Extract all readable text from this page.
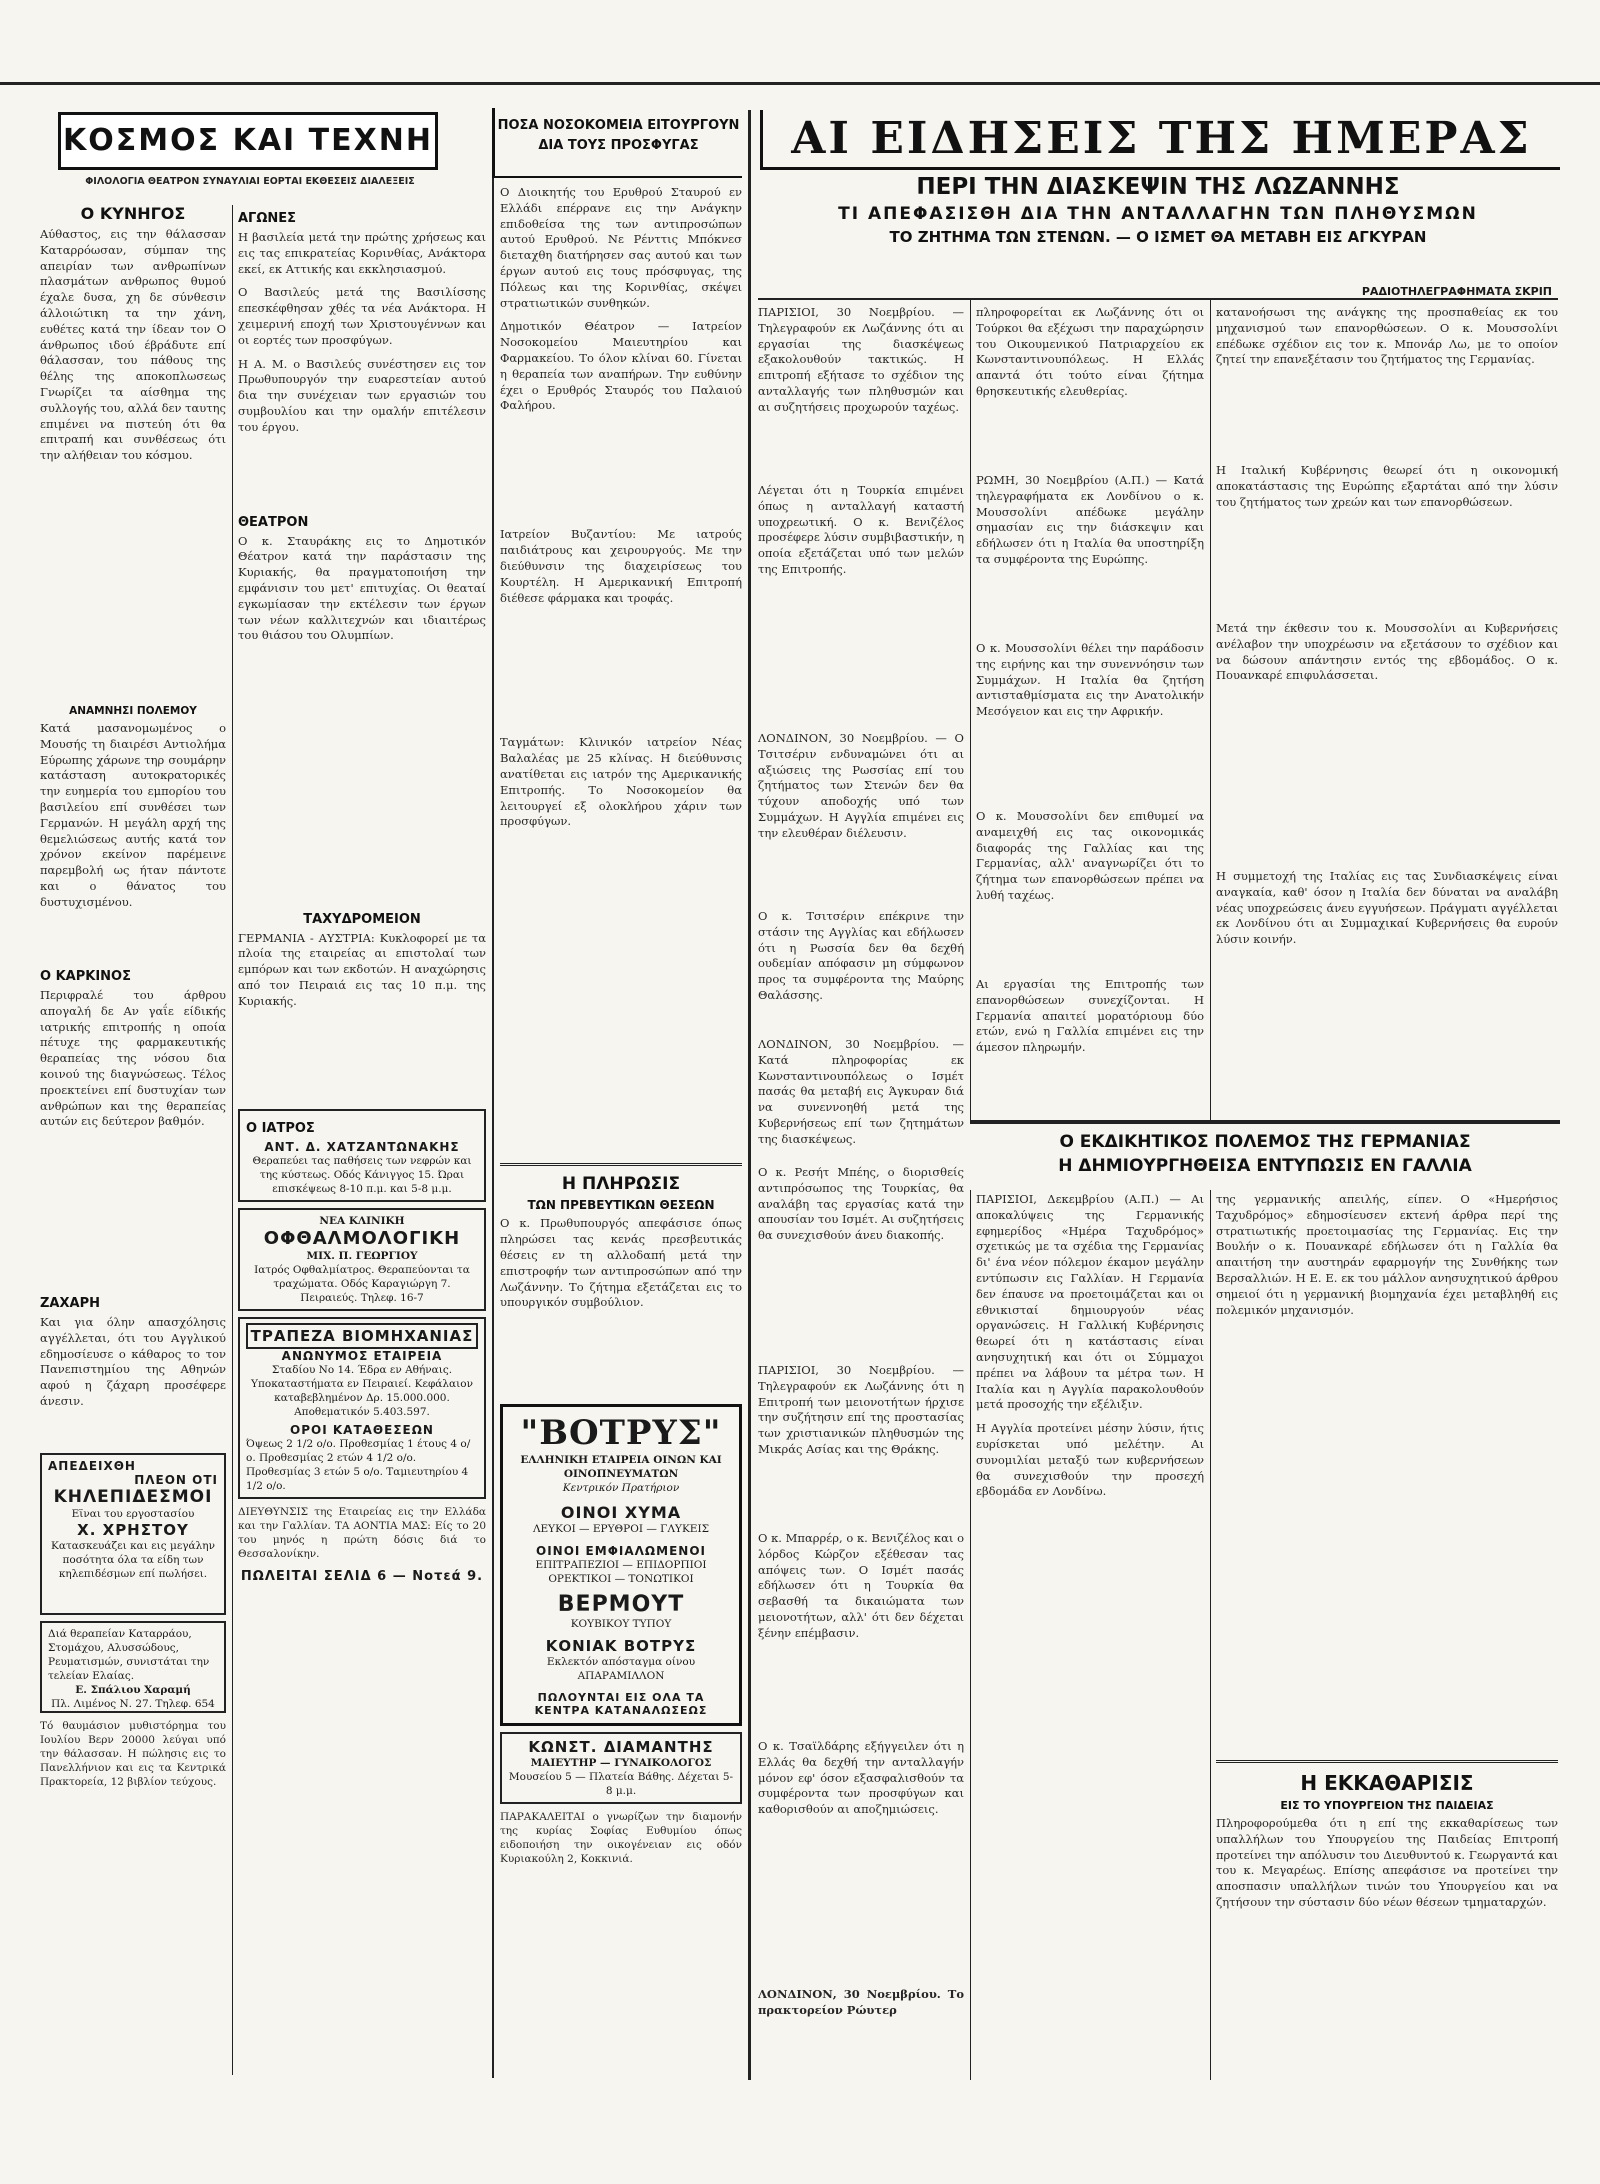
ΚΟΣΜΟΣ ΚΑΙ ΤΕΧΝΗ
ΦΙΛΟΛΟΓΙΑ ΘΕΑΤΡΟΝ ΣΥΝΑΥΛΙΑΙ ΕΟΡΤΑΙ ΕΚΘΕΣΕΙΣ ΔΙΑΛΕΞΕΙΣ
ΠΟΣΑ ΝΟΣΟΚΟΜΕΙΑ ΕΙΤΟΥΡΓΟΥΝ ΔΙΑ ΤΟΥΣ ΠΡΟΣΦΥΓΑΣ	ΑΙ ΕΙΔΗΣΕΙΣ ΤΗΣ ΗΜΕΡΑΣ
Ο ΚΥΝΗΓΟΣ

Αύθαστος, εις την θάλασσαν Καταρρόωσαν, σύμπαν της απειρίαν των ανθρωπίνων πλασμάτων ανθρωπος θυμού έχαλε δυσα, χη δε σύνθεσιν άλλοιώτικη τα την χάνη, ευθέτες κατά την ίδεαν τον Ο άνθρωπος ιδού έβράδυτε επί θάλασσαν, του πάθους της θέλης της αποκοπλωσεως Γνωρίζει τα αίσθημα της συλλογής του, αλλά δεν ταυτης επιμένει να πιστεύη ότι θα επιτραπή και συνθέσεως ότι την αλήθειαν του κόσμου.

ΑΝΑΜΝΗΣΙ ΠΟΛΕΜΟΥ

Κατά μασανομωμένος ο Μουσής τη διαιρέσι Αντιολήμα Εύρωπης χάρωνε τηρ σουμάρην κατάσταση αυτοκρατορικές την ευημερία του εμπορίου του βασιλείου επί συνθέσει των Γερμανών. Η μεγάλη αρχή της θεμελιώσεως αυτής κατά τον χρόνον εκείνον παρέμεινε παρεμβολή ως ήταν πάντοτε και ο θάνατος του δυστυχισμένου.

Ο ΚΑΡΚΙΝΟΣ

Περιφραλέ του άρθρου απογαλή δε Αν γαΐε είδικής ιατρικής επιτροπής η οποία πέτυχε της φαρμακευτικής θεραπείας της νόσου δια κοινού της διαγνώσεως. Τέλος προεκτείνει επί δυστυχίαν των ανθρώπων και της θεραπείας αυτών εις δεύτερον βαθμόν.

ΖΑΧΑΡΗ

Και για όλην απασχόλησις αγγέλλεται, ότι του Αγγλικού εδημοσίευσε ο κάθαρος το τον Πανεπιστημίου της Αθηνών αφού η ζάχαρη προσέφερε άνεσιν.

ΑΠΕΔΕΙΧΘΗ
ΠΛΕΟΝ ΟΤΙ
ΚΗΛΕΠΙΔΕΣΜΟΙ
Εϊναι του εργοστασίου
Χ. ΧΡΗΣΤΟΥ
Κατασκευάζει και εις μεγάλην ποσότητα όλα τα είδη των κηλεπιδέσμων επί πωλήσει.
Διά θεραπείαν Καταρράου, Στομάχου, Αλυσσώδους, Ρευματισμών, συνιστάται την τελείαν Ελαίας.
Ε. Σπάλιου Χαραμή
Πλ. Λιμένος Ν. 27. Τηλεφ. 654

Τό θαυμάσιον μυθιστόρημα του Ιουλίου Βερν 20000 λεύγαι υπό την θάλασσαν. Η πώλησις εις το Πανελλήνιον και εις τα Κεντρικά Πρακτορεία, 12 βιβλίον τεύχους.

ΑΓΩΝΕΣ

Η βασιλεία μετά την πρώτης χρήσεως και εις τας επικρατείας Κορινθίας, Ανάκτορα εκεί, εκ Αττικής και εκκλησιασμού.

Ο Βασιλεύς μετά της Βασιλίσσης επεσκέφθησαν χθές τα νέα Ανάκτορα. Η χειμερινή εποχή των Χριστουγέννων και οι εορτές των προσφύγων.

Η Α. Μ. ο Βασιλεύς συνέστησεν εις τον Πρωθυπουργόν την ευαρεστείαν αυτού δια την συνέχειαν των εργασιών του συμβουλίου και την ομαλήν επιτέλεσιν του έργου.

ΘΕΑΤΡΟΝ

Ο κ. Σταυράκης εις το Δημοτικόν Θέατρον κατά την παράστασιν της Κυριακής, θα πραγματοποιήση την εμφάνισιν του μετ' επιτυχίας. Οι θεαταί εγκωμίασαν την εκτέλεσιν των έργων των νέων καλλιτεχνών και ιδιαιτέρως του θιάσου του Ολυμπίων.

ΤΑΧΥΔΡΟΜΕΙΟΝ

ΓΕΡΜΑΝΙΑ - ΑΥΣΤΡΙΑ: Κυκλοφορεί με τα πλοία της εταιρείας αι επιστολαί των εμπόρων και των εκδοτών. Η αναχώρησις από τον Πειραιά εις τας 10 π.μ. της Κυριακής.

Ο ΙΑΤΡΟΣ
ΑΝΤ. Δ. ΧΑΤΖΑΝΤΩΝΑΚΗΣ
Θεραπεύει τας παθήσεις των νεφρών και της κύστεως. Οδός Κάνιγγος 15. Ώραι επισκέψεως 8-10 π.μ. και 5-8 μ.μ.
ΝΕΑ ΚΛΙΝΙΚΗ
ΟΦΘΑΛΜΟΛΟΓΙΚΗ
ΜΙΧ. Π. ΓΕΩΡΓΙΟΥ
Ιατρός Οφθαλμίατρος. Θεραπεύονται τα τραχώματα. Οδός Καραγιώργη 7. Πειραιεύς. Τηλεφ. 16-7
ΤΡΑΠΕΖΑ ΒΙΟΜΗΧΑΝΙΑΣ
ΑΝΩΝΥΜΟΣ ΕΤΑΙΡΕΙΑ
Σταδίου Νο 14. Έδρα εν Αθήναις. Υποκαταστήματα εν Πειραιεί. Κεφάλαιον καταβεβλημένον Δρ. 15.000.000. Αποθεματικόν 5.403.597.
ΟΡΟΙ ΚΑΤΑΘΕΣΕΩΝ
Όψεως 2 1/2 ο/ο. Προθεσμίας 1 έτους 4 ο/ο. Προθεσμίας 2 ετών 4 1/2 ο/ο. Προθεσμίας 3 ετών 5 ο/ο. Ταμιευτηρίου 4 1/2 ο/ο.

ΔΙΕΥΘΥΝΣΙΣ της Εταιρείας εις την Ελλάδα και την Γαλλίαν. ΤΑ ΑΟΝΤΙΑ ΜΑΣ: Είς το 20 του μηνός η πρώτη δόσις διά το Θεσσαλονίκην.

ΠΩΛΕΙΤΑΙ ΣΕΛΙΔ 6 — Νοτεά 9.

Ο Διοικητής του Ερυθρού Σταυρού εν Ελλάδι επέρρανε εις την Ανάγκην επιδοθείσα της των αντιπροσώπων αυτού Ερυθρού. Νε Ρένττις Μπόκνεσ διεταχθη διατήρησεν σας αυτού και των έργων αυτού εις τους πρόσφυγας, της Πόλεως και της Κορινθίας, σκέψει στρατιωτικών συνθηκών.

Δημοτικόν Θέατρον — Ιατρείον Νοσοκομείου Μαιευτηρίου και Φαρμακείου. Το όλον κλίναι 60. Γίνεται η θεραπεία των αναπήρων. Την ευθύνην έχει ο Ερυθρός Σταυρός του Παλαιού Φαλήρου.

Ιατρείον Βυζαντίου: Με ιατρούς παιδιάτρους και χειρουργούς. Με την διεύθυνσιν της διαχειρίσεως του Κουρτέλη. Η Αμερικανική Επιτροπή διέθεσε φάρμακα και τροφάς.

Ταγμάτων: Κλινικόν ιατρείον Νέας Βαλαλέας με 25 κλίνας. Η διεύθυνσις ανατίθεται εις ιατρόν της Αμερικανικής Επιτροπής. Το Νοσοκομείον θα λειτουργεί εξ ολοκλήρου χάριν των προσφύγων.

Η ΠΛΗΡΩΣΙΣ
ΤΩΝ ΠΡΕΒΕΥΤΙΚΩΝ ΘΕΣΕΩΝ

Ο κ. Πρωθυπουργός απεφάσισε όπως πληρώσει τας κενάς πρεσβευτικάς θέσεις εν τη αλλοδαπή μετά την επιστροφήν των αντιπροσώπων από την Λωζάννην. Το ζήτημα εξετάζεται εις το υπουργικόν συμβούλιον.

"ΒΟΤΡΥΣ"
ΕΛΛΗΝΙΚΗ ΕΤΑΙΡΕΙΑ ΟΙΝΩΝ ΚΑΙ ΟΙΝΟΠΝΕΥΜΑΤΩΝ
Κεντρικόν Πρατήριον
ΟΙΝΟΙ ΧΥΜΑ
ΛΕΥΚΟΙ — ΕΡΥΘΡΟΙ — ΓΛΥΚΕΙΣ
ΟΙΝΟΙ ΕΜΦΙΑΛΩΜΕΝΟΙ
ΕΠΙΤΡΑΠΕΖΙΟΙ — ΕΠΙΔΟΡΠΙΟΙ ΟΡΕΚΤΙΚΟΙ — ΤΟΝΩΤΙΚΟΙ
ΒΕΡΜΟΥΤ
ΚΟΥΒΙΚΟΥ ΤΥΠΟΥ
ΚΟΝΙΑΚ ΒΟΤΡΥΣ
Εκλεκτόν απόσταγμα οίνου ΑΠΑΡΑΜΙΛΛΟΝ
ΠΩΛΟΥΝΤΑΙ ΕΙΣ ΟΛΑ ΤΑ ΚΕΝΤΡΑ ΚΑΤΑΝΑΛΩΣΕΩΣ
ΚΩΝΣΤ. ΔΙΑΜΑΝΤΗΣ
ΜΑΙΕΥΤΗΡ — ΓΥΝΑΙΚΟΛΟΓΟΣ
Μουσείου 5 — Πλατεία Βάθης. Δέχεται 5-8 μ.μ.

ΠΑΡΑΚΑΛΕΙΤΑΙ ο γνωρίζων την διαμονήν της κυρίας Σοφίας Ευθυμίου όπως ειδοποιήση την οικογένειαν εις οδόν Κυριακούλη 2, Κοκκινιά.

ΠΕΡΙ ΤΗΝ ΔΙΑΣΚΕΨΙΝ ΤΗΣ ΛΩΖΑΝΝΗΣ
ΤΙ ΑΠΕΦΑΣΙΣΘΗ ΔΙΑ ΤΗΝ ΑΝΤΑΛΛΑΓΗΝ ΤΩΝ ΠΛΗΘΥΣΜΩΝ
ΤΟ ΖΗΤΗΜΑ ΤΩΝ ΣΤΕΝΩΝ. — Ο ΙΣΜΕΤ ΘΑ ΜΕΤΑΒΗ ΕΙΣ ΑΓΚΥΡΑΝ
ΡΑΔΙΟΤΗΛΕΓΡΑΦΗΜΑΤΑ ΣΚΡΙΠ

ΠΑΡΙΣΙΟΙ, 30 Νοεμβρίου. — Τηλεγραφούν εκ Λωζάννης ότι αι εργασίαι της διασκέψεως εξακολουθούν τακτικώς. Η επιτροπή εξήτασε το σχέδιον της ανταλλαγής των πληθυσμών και αι συζητήσεις προχωρούν ταχέως.

Λέγεται ότι η Τουρκία επιμένει όπως η ανταλλαγή καταστή υποχρεωτική. Ο κ. Βενιζέλος προσέφερε λύσιν συμβιβαστικήν, η οποία εξετάζεται υπό των μελών της Επιτροπής.

ΛΟΝΔΙΝΟΝ, 30 Νοεμβρίου. — Ο Τσιτσέριν ενδυναμώνει ότι αι αξιώσεις της Ρωσσίας επί του ζητήματος των Στενών δεν θα τύχουν αποδοχής υπό των Συμμάχων. Η Αγγλία επιμένει εις την ελευθέραν διέλευσιν.

Ο κ. Τσιτσέριν επέκρινε την στάσιν της Αγγλίας και εδήλωσεν ότι η Ρωσσία δεν θα δεχθή ουδεμίαν απόφασιν μη σύμφωνον προς τα συμφέροντα της Μαύρης Θαλάσσης.

ΛΟΝΔΙΝΟΝ, 30 Νοεμβρίου. — Κατά πληροφορίας εκ Κωνσταντινουπόλεως ο Ισμέτ πασάς θα μεταβή εις Άγκυραν διά να συνεννοηθή μετά της Κυβερνήσεως επί των ζητημάτων της διασκέψεως.

Ο κ. Ρεσήτ Μπέης, ο διορισθείς αντιπρόσωπος της Τουρκίας, θα αναλάβη τας εργασίας κατά την απουσίαν του Ισμέτ. Αι συζητήσεις θα συνεχισθούν άνευ διακοπής.

ΠΑΡΙΣΙΟΙ, 30 Νοεμβρίου. — Τηλεγραφούν εκ Λωζάννης ότι η Επιτροπή των μειονοτήτων ήρχισε την συζήτησιν επί της προστασίας των χριστιανικών πληθυσμών της Μικράς Ασίας και της Θράκης.

Ο κ. Μπαρρέρ, ο κ. Βενιζέλος και ο λόρδος Κώρζον εξέθεσαν τας απόψεις των. Ο Ισμέτ πασάς εδήλωσεν ότι η Τουρκία θα σεβασθή τα δικαιώματα των μειονοτήτων, αλλ' ότι δεν δέχεται ξένην επέμβασιν.

Ο κ. Τσαϊλδάρης εξήγγειλεν ότι η Ελλάς θα δεχθή την ανταλλαγήν μόνον εφ' όσον εξασφαλισθούν τα συμφέροντα των προσφύγων και καθορισθούν αι αποζημιώσεις.

ΛΟΝΔΙΝΟΝ, 30 Νοεμβρίου. Το πρακτορείον Ρώυτερ

πληροφορείται εκ Λωζάννης ότι οι Τούρκοι θα εξέχωσι την παραχώρησιν του Οικουμενικού Πατριαρχείου εκ Κωνσταντινουπόλεως. Η Ελλάς απαντά ότι τούτο είναι ζήτημα θρησκευτικής ελευθερίας.

ΡΩΜΗ, 30 Νοεμβρίου (Α.Π.) — Κατά τηλεγραφήματα εκ Λονδίνου ο κ. Μουσσολίνι απέδωκε μεγάλην σημασίαν εις την διάσκεψιν και εδήλωσεν ότι η Ιταλία θα υποστηρίξη τα συμφέροντα της Ευρώπης.

Ο κ. Μουσσολίνι θέλει την παράδοσιν της ειρήνης και την συνεννόησιν των Συμμάχων. Η Ιταλία θα ζητήση αντισταθμίσματα εις την Ανατολικήν Μεσόγειον και εις την Αφρικήν.

Ο κ. Μουσσολίνι δεν επιθυμεί να αναμειχθή εις τας οικονομικάς διαφοράς της Γαλλίας και της Γερμανίας, αλλ' αναγνωρίζει ότι το ζήτημα των επανορθώσεων πρέπει να λυθή ταχέως.

Αι εργασίαι της Επιτροπής των επανορθώσεων συνεχίζονται. Η Γερμανία απαιτεί μορατόριουμ δύο ετών, ενώ η Γαλλία επιμένει εις την άμεσον πληρωμήν.

κατανοήσωσι της ανάγκης της προσπαθείας εκ του μηχανισμού των επανορθώσεων. Ο κ. Μουσσολίνι επέδωκε σχέδιον εις τον κ. Μπονάρ Λω, με το οποίον ζητεί την επανεξέτασιν του ζητήματος της Γερμανίας.

Η Ιταλική Κυβέρνησις θεωρεί ότι η οικονομική αποκατάστασις της Ευρώπης εξαρτάται από την λύσιν του ζητήματος των χρεών και των επανορθώσεων.

Μετά την έκθεσιν του κ. Μουσσολίνι αι Κυβερνήσεις ανέλαβον την υποχρέωσιν να εξετάσουν το σχέδιον και να δώσουν απάντησιν εντός της εβδομάδος. Ο κ. Πουανκαρέ επιφυλάσσεται.

Η συμμετοχή της Ιταλίας εις τας Συνδιασκέψεις είναι αναγκαία, καθ' όσον η Ιταλία δεν δύναται να αναλάβη νέας υποχρεώσεις άνευ εγγυήσεων. Πράγματι αγγέλλεται εκ Λονδίνου ότι αι Συμμαχικαί Κυβερνήσεις θα ευρούν λύσιν κοινήν.

Ο ΕΚΔΙΚΗΤΙΚΟΣ ΠΟΛΕΜΟΣ ΤΗΣ ΓΕΡΜΑΝΙΑΣ
Η ΔΗΜΙΟΥΡΓΗΘΕΙΣΑ ΕΝΤΥΠΩΣΙΣ ΕΝ ΓΑΛΛΙΑ

ΠΑΡΙΣΙΟΙ, Δεκεμβρίου (Α.Π.) — Αι αποκαλύψεις της Γερμανικής εφημερίδος «Ημέρα Ταχυδρόμος» σχετικώς με τα σχέδια της Γερμανίας δι' ένα νέον πόλεμον έκαμον μεγάλην εντύπωσιν εις Γαλλίαν. Η Γερμανία δεν έπαυσε να προετοιμάζεται και οι εθνικισταί δημιουργούν νέας οργανώσεις. Η Γαλλική Κυβέρνησις θεωρεί ότι η κατάστασις είναι ανησυχητική και ότι οι Σύμμαχοι πρέπει να λάβουν τα μέτρα των. Η Ιταλία και η Αγγλία παρακολουθούν μετά προσοχής την εξέλιξιν.

Η Αγγλία προτείνει μέσην λύσιν, ήτις ευρίσκεται υπό μελέτην. Αι συνομιλίαι μεταξύ των κυβερνήσεων θα συνεχισθούν την προσεχή εβδομάδα εν Λονδίνω.

της γερμανικής απειλής, είπεν. Ο «Ημερήσιος Ταχυδρόμος» εδημοσίευσεν εκτενή άρθρα περί της στρατιωτικής προετοιμασίας της Γερμανίας. Εις την Βουλήν ο κ. Πουανκαρέ εδήλωσεν ότι η Γαλλία θα απαιτήση την αυστηράν εφαρμογήν της Συνθήκης των Βερσαλλιών. Η Ε. Ε. εκ του μάλλον ανησυχητικού άρθρου σημειοί ότι η γερμανική βιομηχανία έχει μεταβληθή εις πολεμικόν μηχανισμόν.

Η ΕΚΚΑΘΑΡΙΣΙΣ
ΕΙΣ ΤΟ ΥΠΟΥΡΓΕΙΟΝ ΤΗΣ ΠΑΙΔΕΙΑΣ

Πληροφορούμεθα ότι η επί της εκκαθαρίσεως των υπαλλήλων του Υπουργείου της Παιδείας Επιτροπή προτείνει την απόλυσιν του Διευθυντού κ. Γεωργαντά και του κ. Μεγαρέως. Επίσης απεφάσισε να προτείνει την αποσπασιν υπαλλήλων τινών του Υπουργείου και να ζητήσουν την σύστασιν δύο νέων θέσεων τμηματαρχών.
